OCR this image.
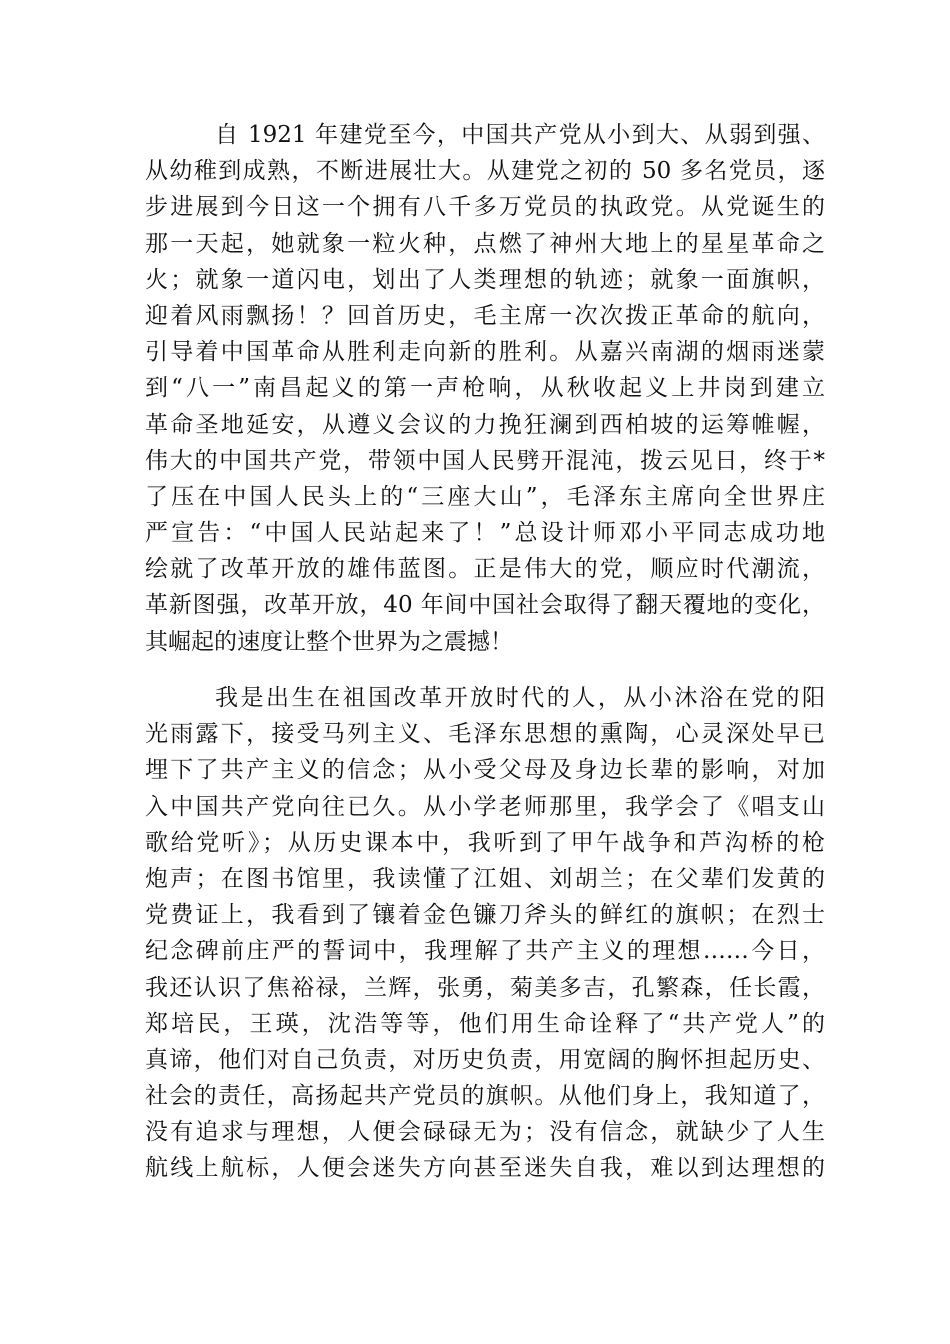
自 1921 年建党至今，中国共产党从小到大、从弱到强、
从幼稚到成熟，不断进展壮大。从建党之初的 50 多名党员，逐
步进展到今日这一个拥有八千多万党员的执政党。从党诞生的
那一天起，她就象一粒火种，点燃了神州大地上的星星革命之
火；就象一道闪电，划出了人类理想的轨迹；就象一面旗帜，
迎着风雨飘扬！？回首历史，毛主席一次次拨正革命的航向，
引导着中国革命从胜利走向新的胜利。从嘉兴南湖的烟雨迷蒙
到“八一”南昌起义的第一声枪响，从秋收起义上井岗到建立
革命圣地延安，从遵义会议的力挽狂澜到西柏坡的运筹帷幄，
伟大的中国共产党，带领中国人民劈开混沌，拨云见日，终于*
了压在中国人民头上的“三座大山”，毛泽东主席向全世界庄
严宣告：“中国人民站起来了！”总设计师邓小平同志成功地
绘就了改革开放的雄伟蓝图。正是伟大的党，顺应时代潮流，
革新图强，改革开放，40 年间中国社会取得了翻天覆地的变化，
其崛起的速度让整个世界为之震撼！
我是出生在祖国改革开放时代的人，从小沐浴在党的阳
光雨露下，接受马列主义、毛泽东思想的熏陶，心灵深处早已
埋下了共产主义的信念；从小受父母及身边长辈的影响，对加
入中国共产党向往已久。从小学老师那里，我学会了《唱支山
歌给党听》；从历史课本中，我听到了甲午战争和芦沟桥的枪
炮声；在图书馆里，我读懂了江姐、刘胡兰；在父辈们发黄的
党费证上，我看到了镶着金色镰刀斧头的鲜红的旗帜；在烈士
纪念碑前庄严的誓词中，我理解了共产主义的理想……今日，
我还认识了焦裕禄，兰辉，张勇，菊美多吉，孔繁森，任长霞，
郑培民，王瑛，沈浩等等，他们用生命诠释了“共产党人”的
真谛，他们对自己负责，对历史负责，用宽阔的胸怀担起历史、
社会的责任，高扬起共产党员的旗帜。从他们身上，我知道了，
没有追求与理想，人便会碌碌无为；没有信念，就缺少了人生
航线上航标，人便会迷失方向甚至迷失自我，难以到达理想的
